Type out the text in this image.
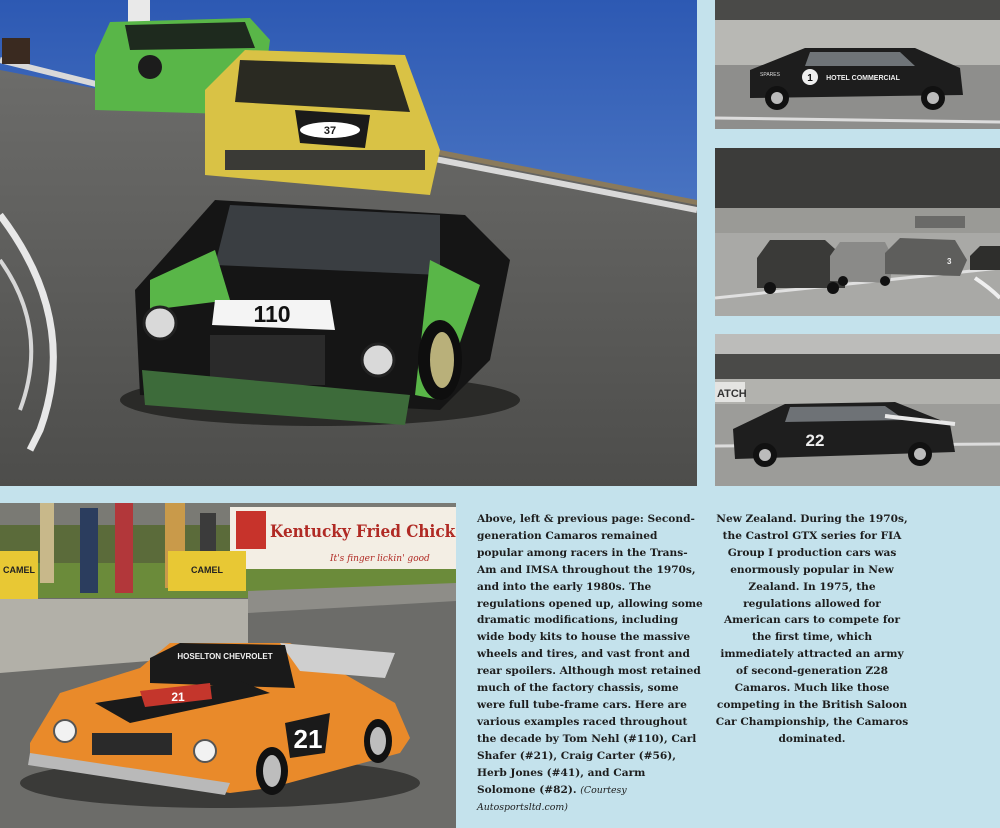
37
110
1 HOTEL COMMERCIAL
SPARES
3
ATCH
22
Kentucky Fried Chick
It's finger lickin' good
CAMEL	CAMEL
HOSELTON CHEVROLET
21
21
Above, left & previous page: Second-generation Camaros remained popular among racers in the Trans-Am and IMSA throughout the 1970s, and into the early 1980s. The regulations opened up, allowing some dramatic modifications, including wide body kits to house the massive wheels and tires, and vast front and rear spoilers. Although most retained much of the factory chassis, some were full tube-frame cars. Here are various examples raced throughout the decade by Tom Nehl (#110), Carl Shafer (#21), Craig Carter (#56), Herb Jones (#41), and Carm Solomone (#82). (Courtesy Autosportsltd.com)
New Zealand. During the 1970s, the Castrol GTX series for FIA Group I production cars was enormously popular in New Zealand. In 1975, the regulations allowed for American cars to compete for the first time, which immediately attracted an army of second-generation Z28 Camaros. Much like those competing in the British Saloon Car Championship, the Camaros dominated.
